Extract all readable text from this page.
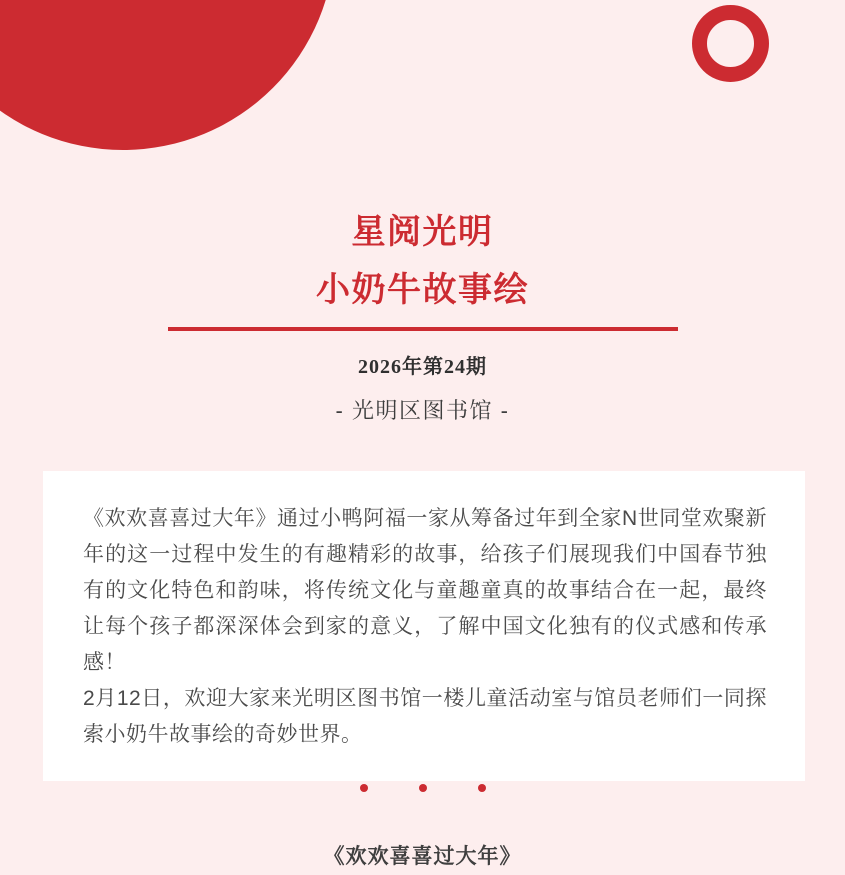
星阅光明
小奶牛故事绘
2026年第24期
- 光明区图书馆 -

《欢欢喜喜过大年》通过小鸭阿福一家从筹备过年到全家N世同堂欢聚新年的这一过程中发生的有趣精彩的故事，给孩子们展现我们中国春节独有的文化特色和韵味，将传统文化与童趣童真的故事结合在一起，最终让每个孩子都深深体会到家的意义，了解中国文化独有的仪式感和传承感！

2月12日，欢迎大家来光明区图书馆一楼儿童活动室与馆员老师们一同探索小奶牛故事绘的奇妙世界。

《欢欢喜喜过大年》
